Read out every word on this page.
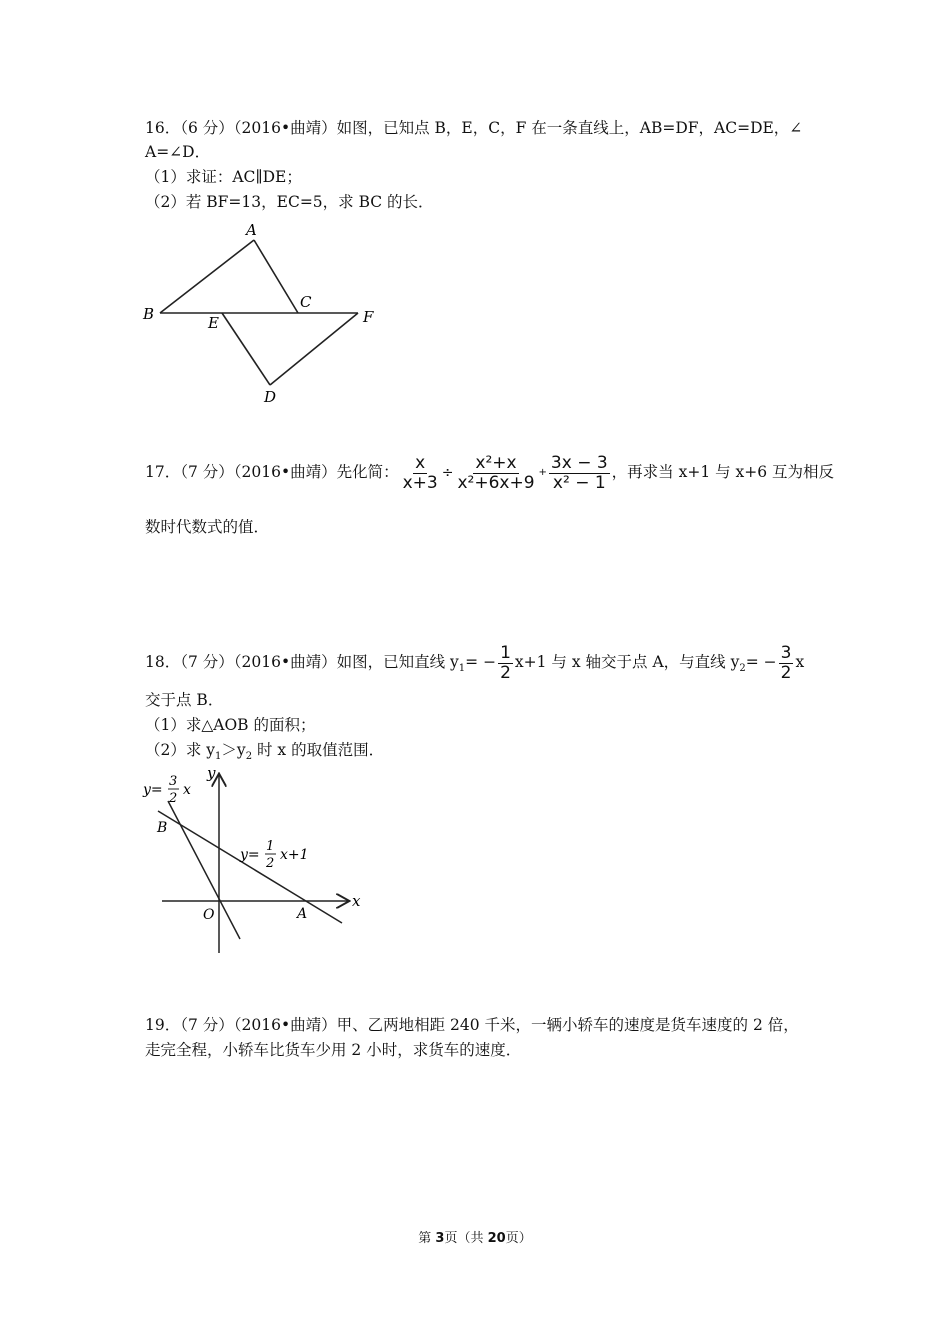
16．（6 分）（2016•曲靖）如图，已知点 B，E，C，F 在一条直线上，AB=DF，AC=DE，∠
A=∠D．
（1）求证：AC∥DE；
（2）若 BF=13，EC=5，求 BC 的长．
A
B
C
E	F
D
17．（7 分）（2016•曲靖）先化简： $\frac{x}{x+3} \div \frac{\text{x²+x}}{\text{x²+6x+9}} + \frac{3x - 3}{\text{x² − 1}}$ ，再求当 x+1 与 x+6 互为相反
数时代数式的值．
18．（7 分）（2016•曲靖）如图，已知直线 $y_1= - \frac{1}{2} x+1$ 与 x 轴交于点 A，与直线 $y_2= - \frac{3}{2}$ x
交于点 B．
（1）求△AOB 的面积；
（2）求 $y_1>y_2$ 时 x 的取值范围．
y
x
O	A
B
y=
3
2
x
y=
1
2
x+1
19．（7 分）（2016•曲靖）甲、乙两地相距 240 千米，一辆小轿车的速度是货车速度的 2 倍，
走完全程，小轿车比货车少用 2 小时，求货车的速度．
第 3页（共 20页）
